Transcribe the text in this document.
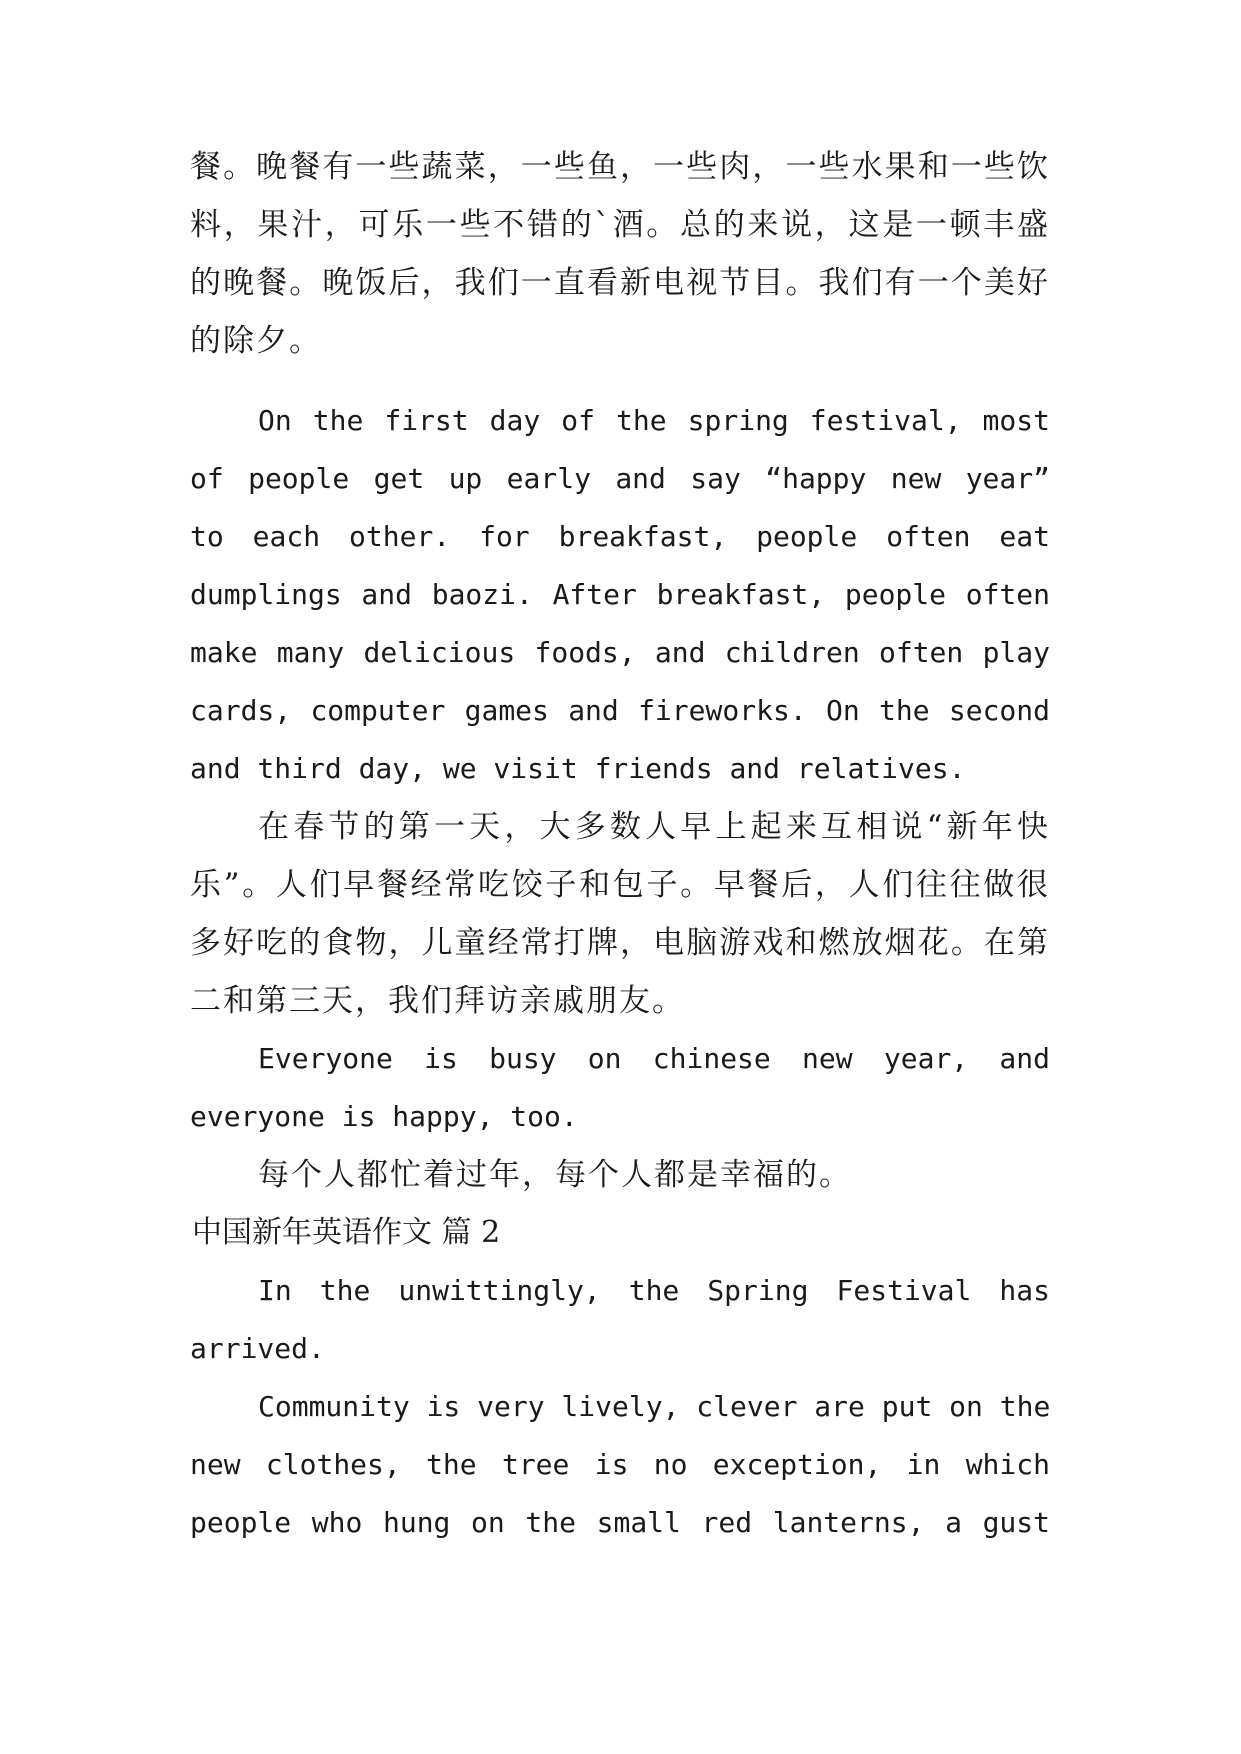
餐。晚餐有一些蔬菜，一些鱼，一些肉，一些水果和一些饮
料，果汁，可乐一些不错的`酒。总的来说，这是一顿丰盛
的晚餐。晚饭后，我们一直看新电视节目。我们有一个美好
的除夕。
On the first day of the spring festival, most
of people get up early and say “happy new year”
to each other. for breakfast, people often eat
dumplings and baozi. After breakfast, people often
make many delicious foods, and children often play
cards, computer games and fireworks. On the second
and third day, we visit friends and relatives.
在春节的第一天，大多数人早上起来互相说“新年快
乐”。人们早餐经常吃饺子和包子。早餐后，人们往往做很
多好吃的食物，儿童经常打牌，电脑游戏和燃放烟花。在第
二和第三天，我们拜访亲戚朋友。
Everyone is busy on chinese new year, and
everyone is happy, too.
每个人都忙着过年，每个人都是幸福的。
中国新年英语作文 篇 2
In the unwittingly, the Spring Festival has
arrived.
Community is very lively, clever are put on the
new clothes, the tree is no exception, in which
people who hung on the small red lanterns, a gust
